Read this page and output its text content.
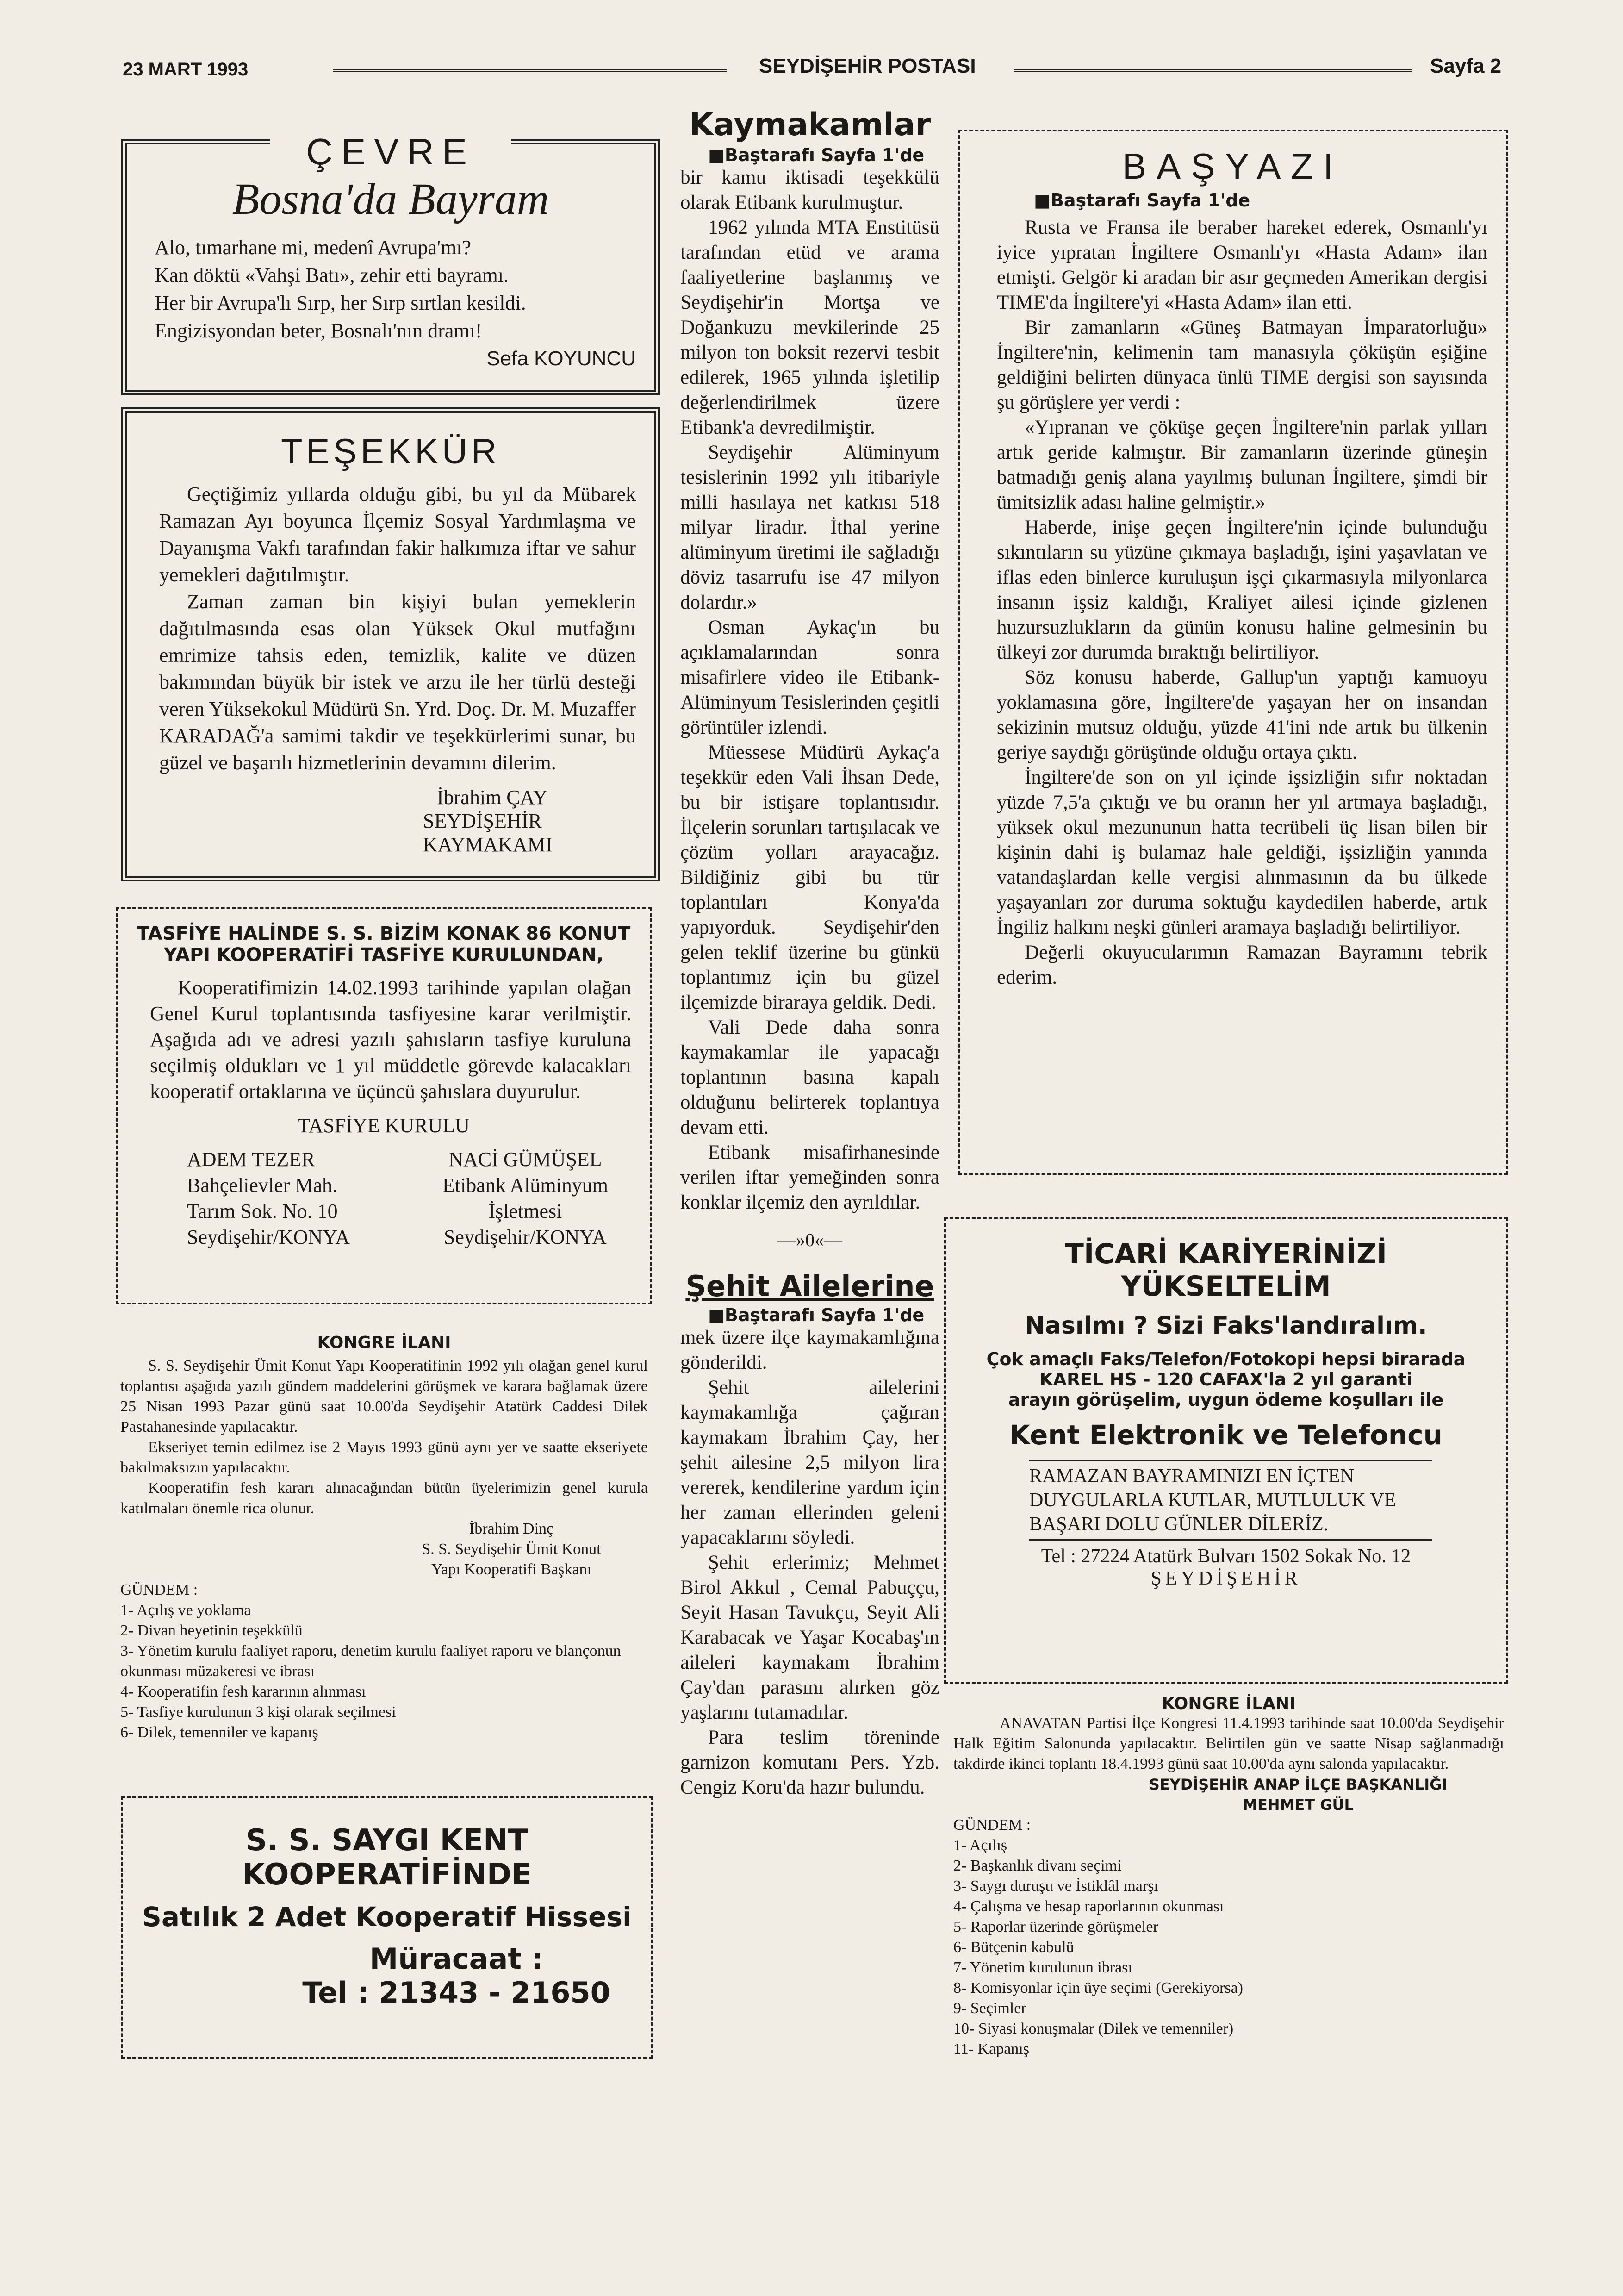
23 MART 1993	SEYDİŞEHİR POSTASI	Sayfa 2
ÇEVRE
Bosna'da Bayram
Alo, tımarhane mi, medenî Avrupa'mı?
Kan döktü «Vahşi Batı», zehir etti bayramı.
Her bir Avrupa'lı Sırp, her Sırp sırtlan kesildi.
Engizisyondan beter, Bosnalı'nın dramı!
Sefa KOYUNCU
TEŞEKKÜR

Geçtiğimiz yıllarda olduğu gibi, bu yıl da Mübarek Ramazan Ayı boyunca İlçemiz Sosyal Yardımlaşma ve Dayanışma Vakfı tarafından fakir halkımıza iftar ve sahur yemekleri dağıtılmıştır.

Zaman zaman bin kişiyi bulan yemeklerin dağıtılmasında esas olan Yüksek Okul mutfağını emrimize tahsis eden, temizlik, kalite ve düzen bakımından büyük bir istek ve arzu ile her türlü desteği veren Yüksekokul Müdürü Sn. Yrd. Doç. Dr. M. Muzaffer KARADAĞ'a samimi takdir ve teşekkürlerimi sunar, bu güzel ve başarılı hizmetlerinin devamını dilerim.

İbrahim ÇAY
SEYDİŞEHİR KAYMAKAMI
TASFİYE HALİNDE S. S. BİZİM KONAK 86 KONUT
YAPI KOOPERATİFİ TASFİYE KURULUNDAN,

Kooperatifimizin 14.02.1993 tarihinde yapılan olağan Genel Kurul toplantısında tasfiyesine karar verilmiştir. Aşağıda adı ve adresi yazılı şahısların tasfiye kuruluna seçilmiş oldukları ve 1 yıl müddetle görevde kalacakları kooperatif ortaklarına ve üçüncü şahıslara duyurulur.

TASFİYE KURULU
ADEM TEZER
Bahçelievler Mah.
Tarım Sok. No. 10
Seydişehir/KONYA
NACİ GÜMÜŞEL
Etibank Alüminyum
İşletmesi
Seydişehir/KONYA
KONGRE İLANI
S. S. Seydişehir Ümit Konut Yapı Kooperatifinin 1992 yılı olağan genel kurul toplantısı aşağıda yazılı gündem maddelerini görüşmek ve karara bağlamak üzere 25 Nisan 1993 Pazar günü saat 10.00'da Seydişehir Atatürk Caddesi Dilek Pastahanesinde yapılacaktır.
Ekseriyet temin edilmez ise 2 Mayıs 1993 günü aynı yer ve saatte ekseriyete bakılmaksızın yapılacaktır.
Kooperatifin fesh kararı alınacağından bütün üyelerimizin genel kurula katılmaları önemle rica olunur.
İbrahim Dinç
S. S. Seydişehir Ümit Konut
Yapı Kooperatifi Başkanı
GÜNDEM :
1- Açılış ve yoklama
2- Divan heyetinin teşekkülü
3- Yönetim kurulu faaliyet raporu, denetim kurulu faaliyet raporu ve blançonun okunması müzakeresi ve ibrası
4- Kooperatifin fesh kararının alınması
5- Tasfiye kurulunun 3 kişi olarak seçilmesi
6- Dilek, temenniler ve kapanış
S. S. SAYGI KENT
KOOPERATİFİNDE
Satılık 2 Adet Kooperatif Hissesi
Müracaat :
Tel : 21343 - 21650
Kaymakamlar
■Baştarafı Sayfa 1'de

bir kamu iktisadi teşekkülü olarak Etibank kurulmuştur.

1962 yılında MTA Enstitüsü tarafından etüd ve arama faaliyetlerine başlanmış ve Seydişehir'in Mortşa ve Doğankuzu mevkilerinde 25 milyon ton boksit rezervi tesbit edilerek, 1965 yılında işletilip değerlendirilmek üzere Etibank'a devredilmiştir.

Seydişehir Alüminyum tesislerinin 1992 yılı itibariyle milli hasılaya net katkısı 518 milyar liradır. İthal yerine alüminyum üretimi ile sağladığı döviz tasarrufu ise 47 milyon dolardır.»

Osman Aykaç'ın bu açıklamalarından sonra misafirlere video ile Etibank-Alüminyum Tesislerinden çeşitli görüntüler izlendi.

Müessese Müdürü Aykaç'a teşekkür eden Vali İhsan Dede, bu bir istişare toplantısıdır. İlçelerin sorunları tartışılacak ve çözüm yolları arayacağız. Bildiğiniz gibi bu tür toplantıları Konya'da yapıyorduk. Seydişehir'den gelen teklif üzerine bu günkü toplantımız için bu güzel ilçemizde biraraya geldik. Dedi.

Vali Dede daha sonra kaymakamlar ile yapacağı toplantının basına kapalı olduğunu belirterek toplantıya devam etti.

Etibank misafirhanesinde verilen iftar yemeğinden sonra konklar ilçemiz den ayrıldılar.

—»0«—
Şehit Ailelerine
■Baştarafı Sayfa 1'de

mek üzere ilçe kaymakamlığına gönderildi.

Şehit ailelerini kaymakamlığa çağıran kaymakam İbrahim Çay, her şehit ailesine 2,5 milyon lira vererek, kendilerine yardım için her zaman ellerinden geleni yapacaklarını söyledi.

Şehit erlerimiz; Mehmet Birol Akkul , Cemal Pabuççu, Seyit Hasan Tavukçu, Seyit Ali Karabacak ve Yaşar Kocabaş'ın aileleri kaymakam İbrahim Çay'dan parasını alırken göz yaşlarını tutamadılar.

Para teslim töreninde garnizon komutanı Pers. Yzb. Cengiz Koru'da hazır bulundu.

BAŞYAZI
■Baştarafı Sayfa 1'de

Rusta ve Fransa ile beraber hareket ederek, Osmanlı'yı iyice yıpratan İngiltere Osmanlı'yı «Hasta Adam» ilan etmişti. Gelgör ki aradan bir asır geçmeden Amerikan dergisi TIME'da İngiltere'yi «Hasta Adam» ilan etti.

Bir zamanların «Güneş Batmayan İmparatorluğu» İngiltere'nin, kelimenin tam manasıyla çöküşün eşiğine geldiğini belirten dünyaca ünlü TIME dergisi son sayısında şu görüşlere yer verdi :

«Yıpranan ve çöküşe geçen İngiltere'nin parlak yılları artık geride kalmıştır. Bir zamanların üzerinde güneşin batmadığı geniş alana yayılmış bulunan İngiltere, şimdi bir ümitsizlik adası haline gelmiştir.»

Haberde, inişe geçen İngiltere'nin içinde bulunduğu sıkıntıların su yüzüne çıkmaya başladığı, işini yaşavlatan ve iflas eden binlerce kuruluşun işçi çıkarmasıyla milyonlarca insanın işsiz kaldığı, Kraliyet ailesi içinde gizlenen huzursuzlukların da günün konusu haline gelmesinin bu ülkeyi zor durumda bıraktığı belirtiliyor.

Söz konusu haberde, Gallup'un yaptığı kamuoyu yoklamasına göre, İngiltere'de yaşayan her on insandan sekizinin mutsuz olduğu, yüzde 41'ini nde artık bu ülkenin geriye saydığı görüşünde olduğu ortaya çıktı.

İngiltere'de son on yıl içinde işsizliğin sıfır noktadan yüzde 7,5'a çıktığı ve bu oranın her yıl artmaya başladığı, yüksek okul mezununun hatta tecrübeli üç lisan bilen bir kişinin dahi iş bulamaz hale geldiği, işsizliğin yanında vatandaşlardan kelle vergisi alınmasının da bu ülkede yaşayanları zor duruma soktuğu kaydedilen haberde, artık İngiliz halkını neşki günleri aramaya başladığı belirtiliyor.

Değerli okuyucularımın Ramazan Bayramını tebrik ederim.

TİCARİ KARİYERİNİZİ
YÜKSELTELİM
Nasılmı ? Sizi Faks'landıralım.
Çok amaçlı Faks/Telefon/Fotokopi hepsi birarada
KAREL HS - 120 CAFAX'la 2 yıl garanti
arayın görüşelim, uygun ödeme koşulları ile
Kent Elektronik ve Telefoncu
RAMAZAN BAYRAMINIZI EN İÇTEN DUYGULARLA KUTLAR, MUTLULUK VE BAŞARI DOLU GÜNLER DİLERİZ.
Tel : 27224 Atatürk Bulvarı 1502 Sokak No. 12
ŞEYDİŞEHİR
KONGRE İLANI
ANAVATAN Partisi İlçe Kongresi 11.4.1993 tarihinde saat 10.00'da Seydişehir Halk Eğitim Salonunda yapılacaktır. Belirtilen gün ve saatte Nisap sağlanmadığı takdirde ikinci toplantı 18.4.1993 günü saat 10.00'da aynı salonda yapılacaktır.
SEYDİŞEHİR ANAP İLÇE BAŞKANLIĞI
MEHMET GÜL
GÜNDEM :
1- Açılış
2- Başkanlık divanı seçimi
3- Saygı duruşu ve İstiklâl marşı
4- Çalışma ve hesap raporlarının okunması
5- Raporlar üzerinde görüşmeler
6- Bütçenin kabulü
7- Yönetim kurulunun ibrası
8- Komisyonlar için üye seçimi (Gerekiyorsa)
9- Seçimler
10- Siyasi konuşmalar (Dilek ve temenniler)
11- Kapanış
